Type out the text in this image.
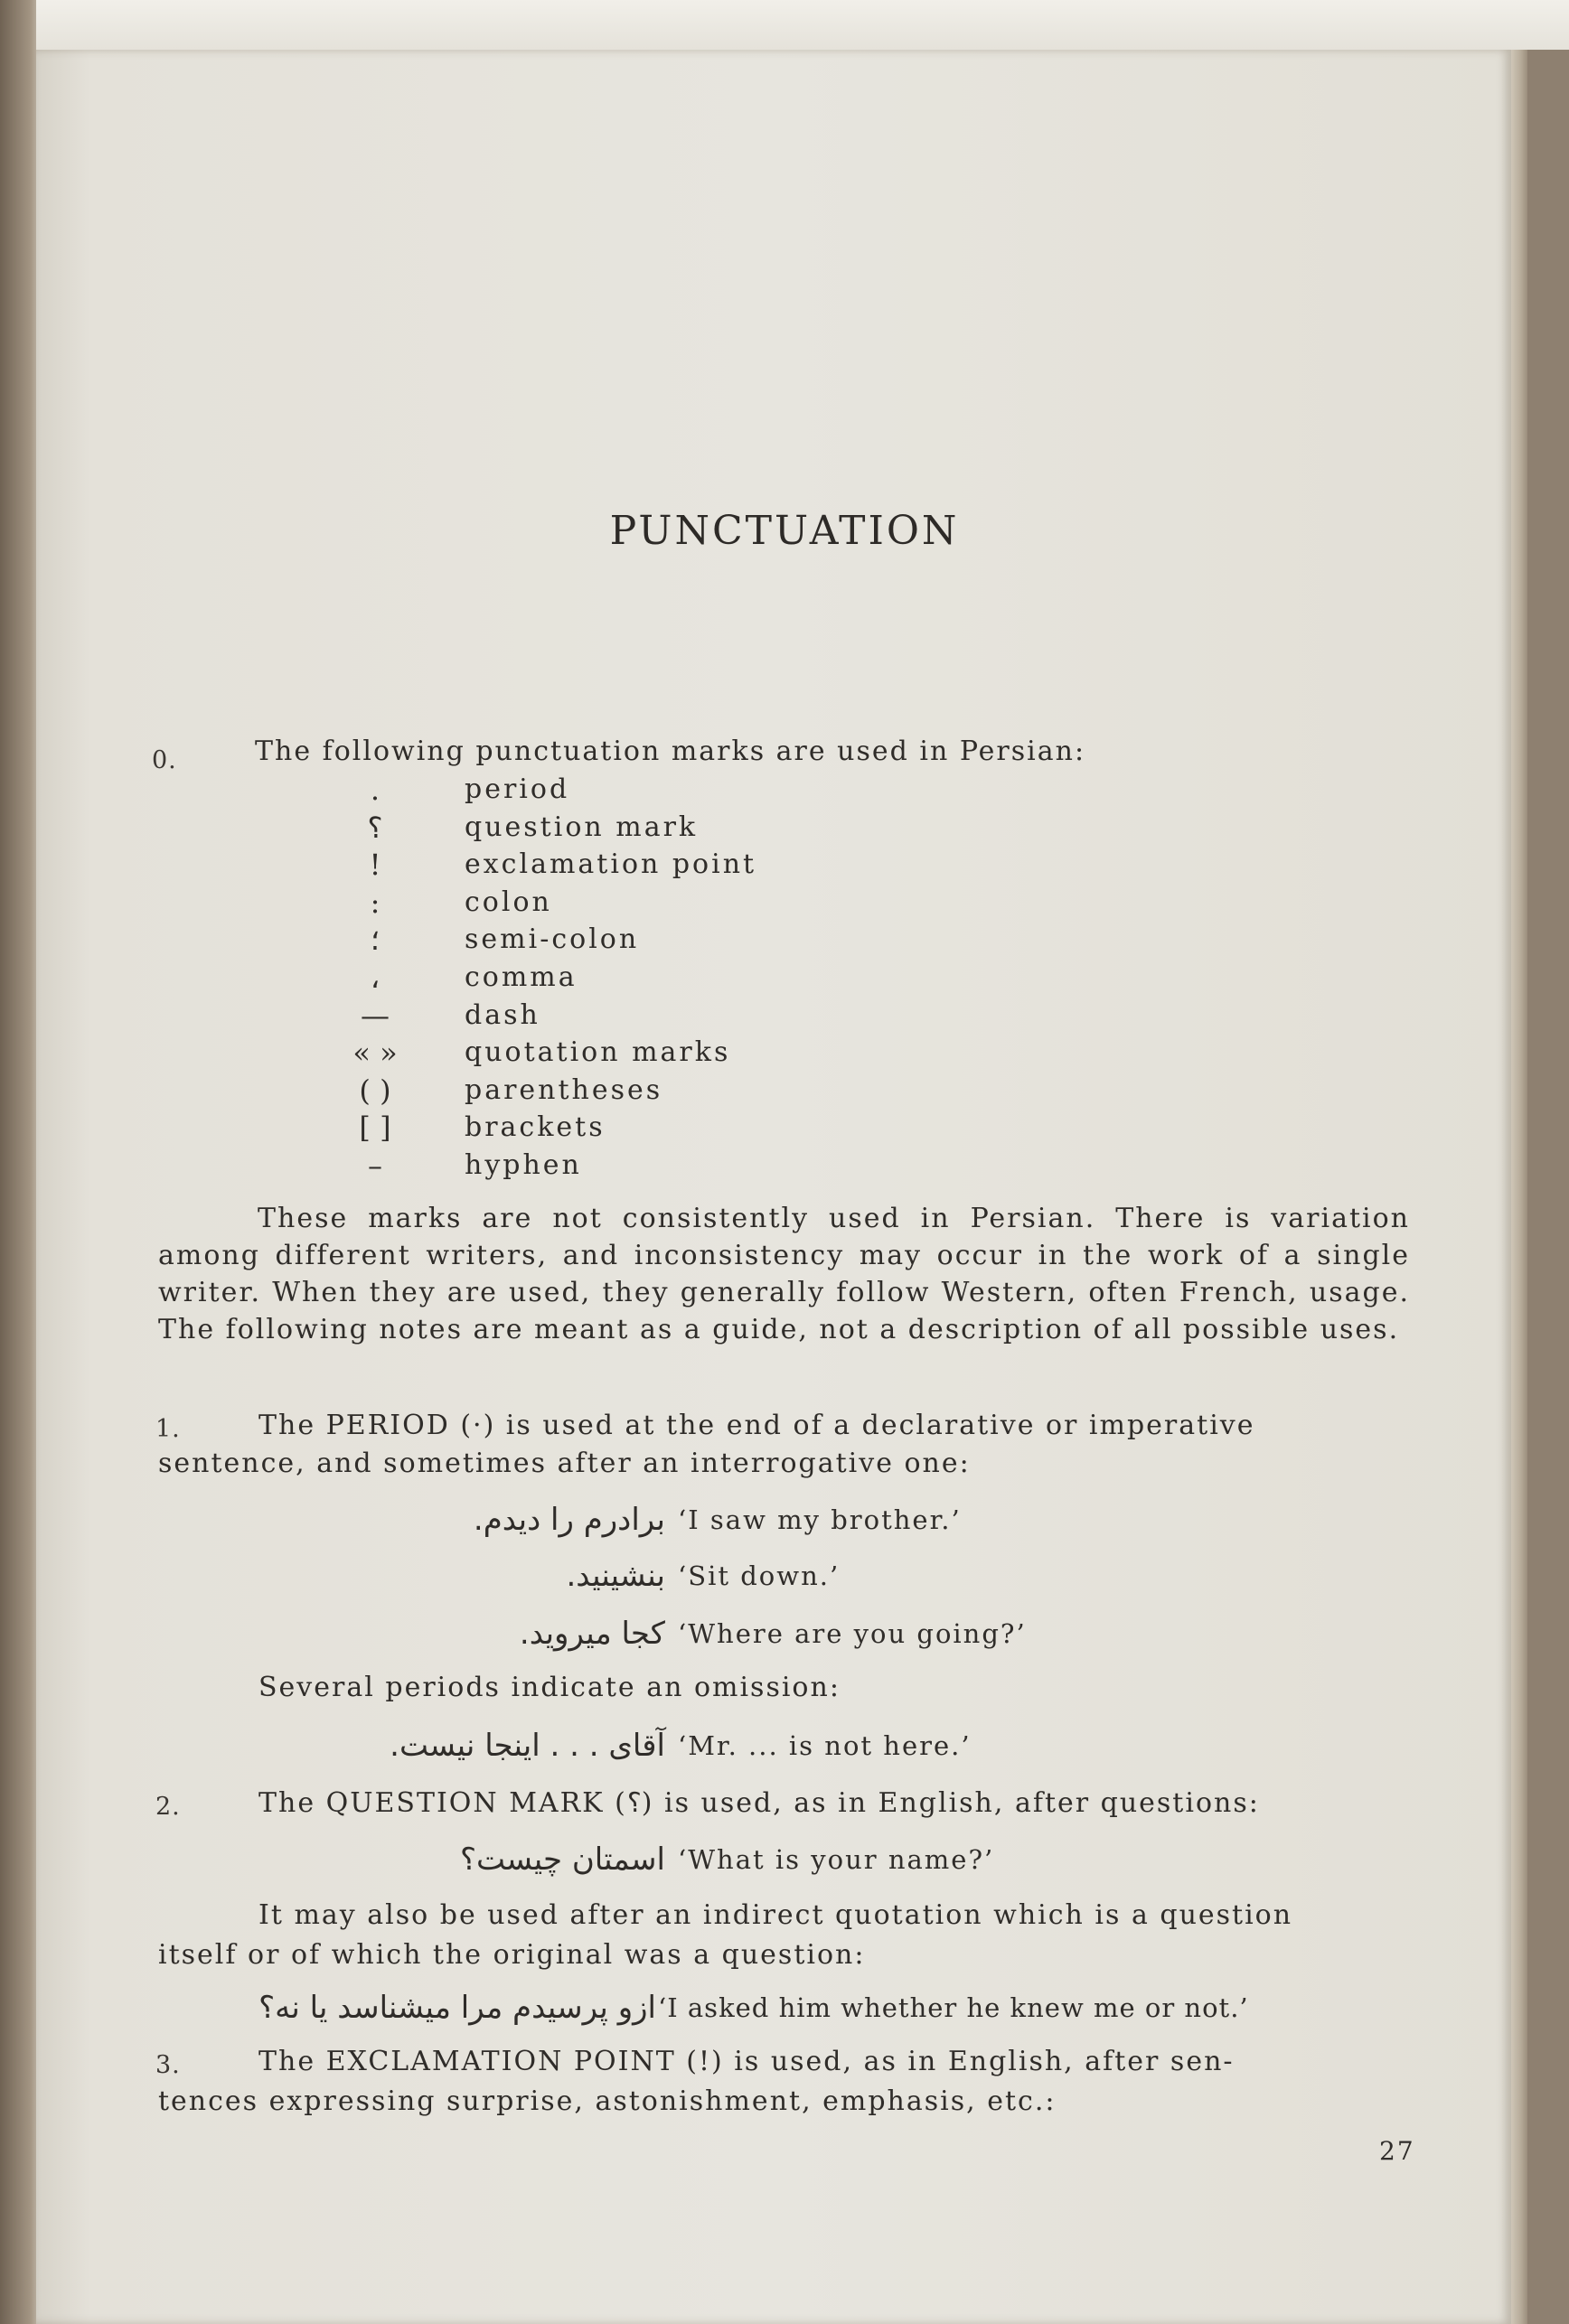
PUNCTUATION
0.	The following punctuation marks are used in Persian:
.	period
؟	question mark
!	exclamation point
:	colon
؛	semi-colon
،	comma
—	dash
« »	quotation marks
( )	parentheses
[ ]	brackets
–	hyphen
These marks are not consistently used in Persian. There is variation among different writers, and inconsistency may occur in the work of a single writer. When they are used, they generally follow Western, often French, usage. The following notes are meant as a guide, not a description of all possible uses.
1.	The PERIOD (·) is used at the end of a declarative or imperative
sentence, and sometimes after an interrogative one:
برادرم را دیدم. ‘I saw my brother.’
بنشینید. ‘Sit down.’
کجا میروید. ‘Where are you going?’
Several periods indicate an omission:
آقای . . . اینجا نیست. ‘Mr. ... is not here.’
2.	The QUESTION MARK (؟) is used, as in English, after questions:
اسمتان چیست؟ ‘What is your name?’
It may also be used after an indirect quotation which is a question
itself or of which the original was a question:
ازو پرسیدم مرا میشناسد یا نه؟ ‘I asked him whether he knew me or not.’
3.	The EXCLAMATION POINT (!) is used, as in English, after sen-
tences expressing surprise, astonishment, emphasis, etc.:
27
